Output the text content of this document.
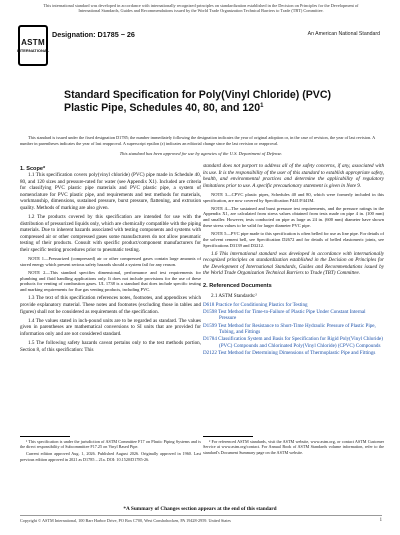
This international standard was developed in accordance with internationally recognized principles on standardization established in the Decision on Principles for the Development of International Standards, Guides and Recommendations issued by the World Trade Organization Technical Barriers to Trade (TBT) Committee.
ASTM
INTERNATIONAL
Designation: D1785 − 26	An American National Standard
Standard Specification for Poly(Vinyl Chloride) (PVC) Plastic Pipe, Schedules 40, 80, and $120^1$

This standard is issued under the fixed designation D1785; the number immediately following the designation indicates the year of original adoption or, in the case of revision, the year of last revision. A number in parentheses indicates the year of last reapproval. A superscript epsilon (ε) indicates an editorial change since the last revision or reapproval.

This standard has been approved for use by agencies of the U.S. Department of Defense.
1. Scope*

1.1 This specification covers poly(vinyl chloride) (PVC) pipe made in Schedule 40, 80, and 120 sizes and pressure-rated for water (see Appendix X1). Included are criteria for classifying PVC plastic pipe materials and PVC plastic pipe, a system of nomenclature for PVC plastic pipe, and requirements and test methods for materials, workmanship, dimensions, sustained pressure, burst pressure, flattening, and extrusion quality. Methods of marking are also given.

1.2 The products covered by this specification are intended for use with the distribution of pressurized liquids only, which are chemically compatible with the piping materials. Due to inherent hazards associated with testing components and systems with compressed air or other compressed gases some manufacturers do not allow pneumatic testing of their products. Consult with specific product/component manufacturers for their specific testing procedures prior to pneumatic testing.

NOTE 1—Pressurized (compressed) air or other compressed gases contain large amounts of stored energy which present serious safety hazards should a system fail for any reason.

NOTE 2—This standard specifies dimensional, performance and test requirements for plumbing and fluid handling applications only. It does not include provisions for the use of these products for venting of combustion gases. UL 1738 is a standard that does include specific testing and marking requirements for flue gas venting products, including PVC.

1.3 The text of this specification references notes, footnotes, and appendixes which provide explanatory material. These notes and footnotes (excluding those in tables and figures) shall not be considered as requirements of the specification.

1.4 The values stated in inch-pound units are to be regarded as standard. The values given in parentheses are mathematical conversions to SI units that are provided for information only and are not considered standard.

1.5 The following safety hazards caveat pertains only to the test methods portion, Section 8, of this specification: This

standard does not purport to address all of the safety concerns, if any, associated with its use. It is the responsibility of the user of this standard to establish appropriate safety, health, and environmental practices and determine the applicability of regulatory limitations prior to use. A specific precautionary statement is given in Note 9.

NOTE 3—CPVC plastic pipes, Schedules 40 and 80, which were formerly included in this specification, are now covered by Specification F441/F441M.

NOTE 4—The sustained and burst pressure test requirements, and the pressure ratings in the Appendix X1, are calculated from stress values obtained from tests made on pipe 4 in. (100 mm) and smaller. However, tests conducted on pipe as large as 24 in. (600 mm) diameter have shown these stress values to be valid for larger diameter PVC pipe.

NOTE 5—PVC pipe made to this specification is often belled for use as line pipe. For details of the solvent cement bell, see Specification D2672 and for details of belled elastomeric joints, see Specifications D3139 and D3212.

1.6 This international standard was developed in accordance with internationally recognized principles on standardization established in the Decision on Principles for the Development of International Standards, Guides and Recommendations issued by the World Trade Organization Technical Barriers to Trade (TBT) Committee.

2. Referenced Documents

2.1 ASTM Standards:²

D618 Practice for Conditioning Plastics for Testing
D1598 Test Method for Time-to-Failure of Plastic Pipe Under Constant Internal Pressure
D1599 Test Method for Resistance to Short-Time Hydraulic Pressure of Plastic Pipe, Tubing, and Fittings
D1784 Classification System and Basis for Specification for Rigid Poly(Vinyl Chloride) (PVC) Compounds and Chlorinated Poly(Vinyl Chloride) (CPVC) Compounds
D2122 Test Method for Determining Dimensions of Thermoplastic Pipe and Fittings

¹ This specification is under the jurisdiction of ASTM Committee F17 on Plastic Piping Systems and is the direct responsibility of Subcommittee F17.25 on Vinyl Based Pipe.

Current edition approved Aug. 1, 2026. Published August 2026. Originally approved in 1960. Last previous edition approved in 2021 as D1785 – 21a. DOI: 10.1520/D1785-26.

² For referenced ASTM standards, visit the ASTM website, www.astm.org, or contact ASTM Customer Service at www.astm.org/contact. For Annual Book of ASTM Standards volume information, refer to the standard's Document Summary page on the ASTM website.

*A Summary of Changes section appears at the end of this standard
Copyright © ASTM International, 100 Barr Harbor Drive, PO Box C700, West Conshohocken, PA 19428-2959. United States	1
